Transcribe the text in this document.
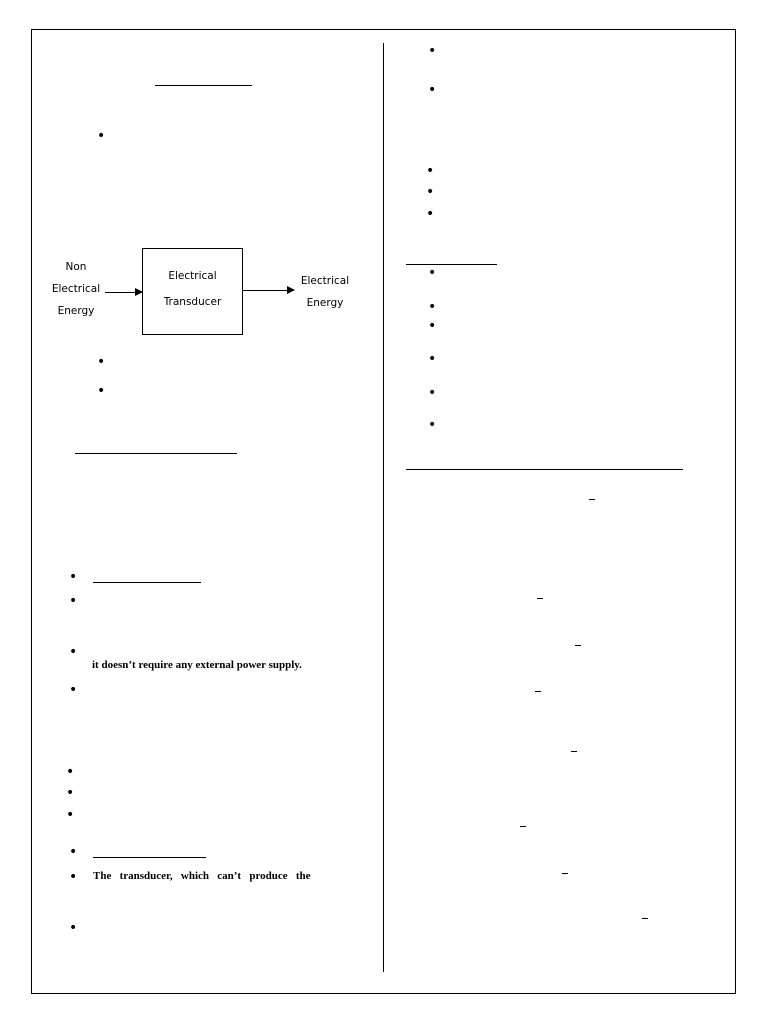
•
Non
Electrical
Energy
Electrical
Transducer
Electrical
Energy
•
•
•
•
•
it doesn’t require any external power supply.
•
•
•
•
•
• The   transducer,   which   can’t   produce   the
•
•
•
•
•
•
•
•
•
•
•
•
